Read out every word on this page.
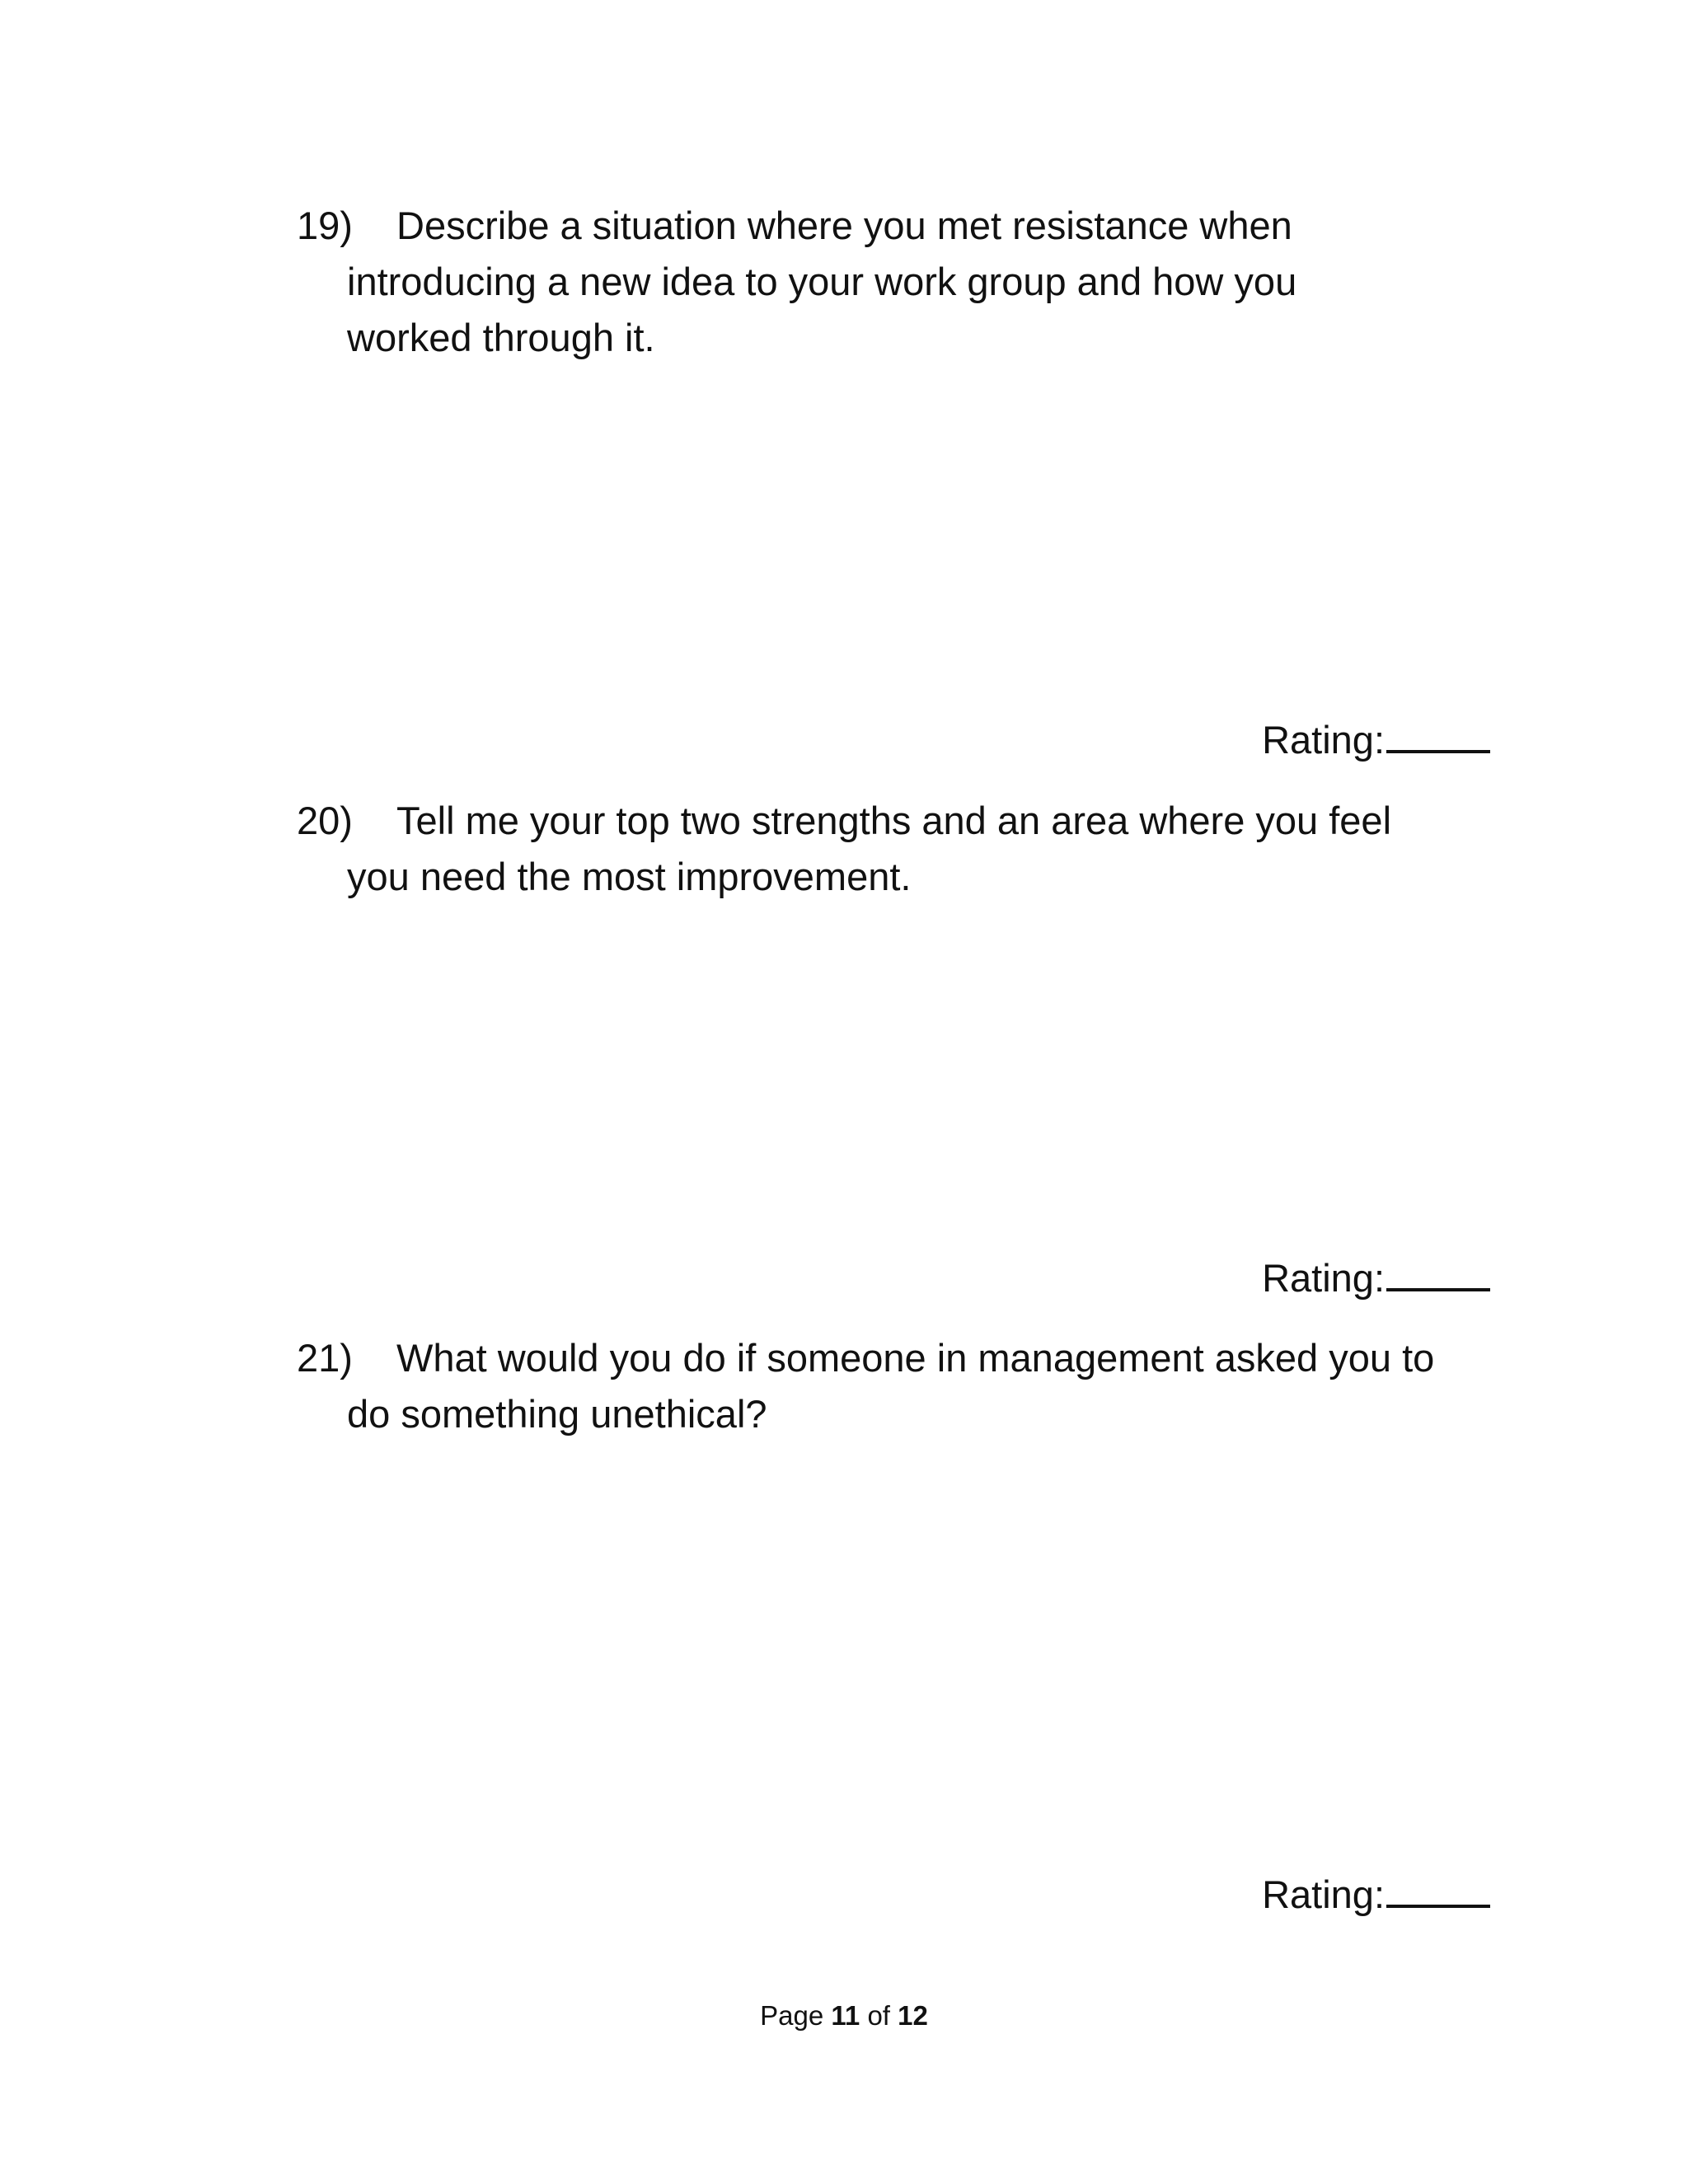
19) Describe a situation where you met resistance when
introducing a new idea to your work group and how you
worked through it.
Rating:
20) Tell me your top two strengths and an area where you feel
you need the most improvement.
Rating:
21) What would you do if someone in management asked you to
do something unethical?
Rating:
Page 11 of 12
